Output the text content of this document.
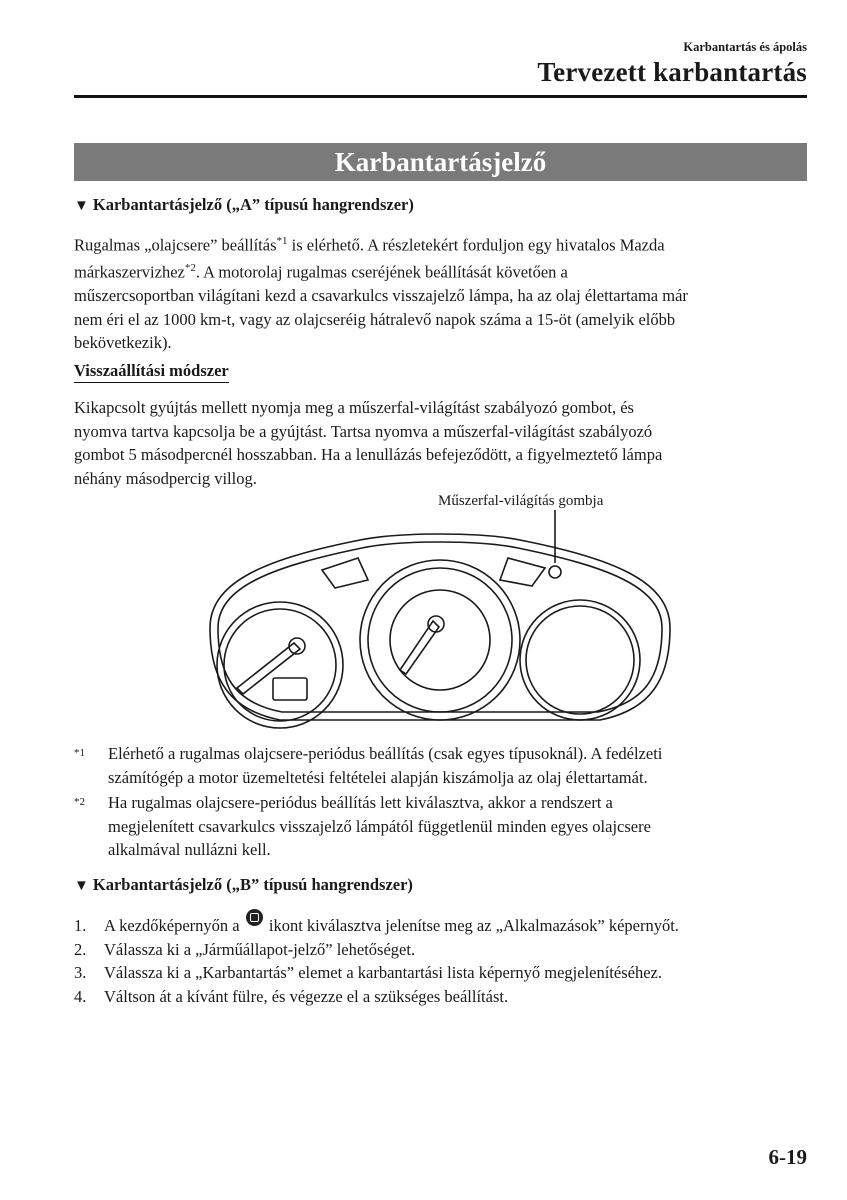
Karbantartás és ápolás
Tervezett karbantartás
Karbantartásjelző
▼ Karbantartásjelző („A” típusú hangrendszer)

Rugalmas „olajcsere” beállítás$^{*1}$ is elérhető. A részletekért forduljon egy hivatalos Mazda

márkaszervizhez$^{*2}$. A motorolaj rugalmas cseréjének beállítását követően a

műszercsoportban világítani kezd a csavarkulcs visszajelző lámpa, ha az olaj élettartama már

nem éri el az 1000 km-t, vagy az olajcseréig hátralevő napok száma a 15-öt (amelyik előbb

bekövetkezik).

Visszaállítási módszer

Kikapcsolt gyújtás mellett nyomja meg a műszerfal-világítást szabályozó gombot, és

nyomva tartva kapcsolja be a gyújtást. Tartsa nyomva a műszerfal-világítást szabályozó

gombot 5 másodpercnél hosszabban. Ha a lenullázás befejeződött, a figyelmeztető lámpa

néhány másodpercig villog.

Műszerfal-világítás gombja
$^{*1}$ Elérhető a rugalmas olajcsere-periódus beállítás (csak egyes típusoknál). A fedélzeti
számítógép a motor üzemeltetési feltételei alapján kiszámolja az olaj élettartamát.
$^{*2}$ Ha rugalmas olajcsere-periódus beállítás lett kiválasztva, akkor a rendszert a
megjelenített csavarkulcs visszajelző lámpától függetlenül minden egyes olajcsere
alkalmával nullázni kell.
▼ Karbantartásjelző („B” típusú hangrendszer)
1. A kezdőképernyőn a  ikont kiválasztva jelenítse meg az „Alkalmazások” képernyőt.
2. Válassza ki a „Járműállapot-jelző” lehetőséget.
3. Válassza ki a „Karbantartás” elemet a karbantartási lista képernyő megjelenítéséhez.
4. Váltson át a kívánt fülre, és végezze el a szükséges beállítást.
6-19
